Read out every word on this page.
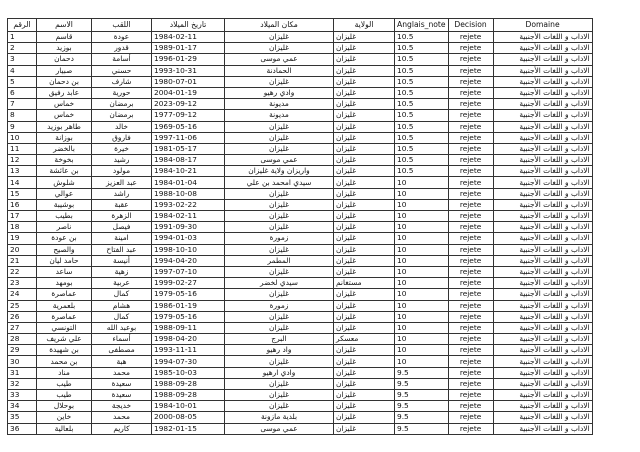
الرقم	الاسم	اللقب	تاريخ الميلاد	مكان الميلاد	الولاية	Anglais_note	Decision	Domaine
1	قاسم	عودة	1984-02-11	غليزان	غليزان	10.5	rejete	الاداب و اللغات الأجنبية
2	بوزيد	قدور	1989-01-17	غليزان	غليزان	10.5	rejete	الاداب و اللغات الأجنبية
3	دحمان	أسامة	1996-01-29	عمي موسى	غليزان	10.5	rejete	الاداب و اللغات الأجنبية
4	صبيار	حسني	1993-10-31	الحمادنة	غليزان	10.5	rejete	الاداب و اللغات الأجنبية
5	بن دحمان	شارف	1980-07-01	غليزان	غليزان	10.5	rejete	الاداب و اللغات الأجنبية
6	عابد رفيق	حورية	2004-01-19	وادي رهيو	غليزان	10.5	rejete	الاداب و اللغات الأجنبية
7	خماس	برمضان	2023-09-12	مديونة	غليزان	10.5	rejete	الاداب و اللغات الأجنبية
8	خماس	برمضان	1977-09-12	مديونة	غليزان	10.5	rejete	الاداب و اللغات الأجنبية
9	طاهر بوزيد	خالد	1969-05-16	غليزان	غليزان	10.5	rejete	الاداب و اللغات الأجنبية
10	بوزانة	فاروق	1997-11-06	غليزان	غليزان	10.5	rejete	الاداب و اللغات الأجنبية
11	بالخضر	خيرة	1981-05-17	غليزان	غليزان	10.5	rejete	الاداب و اللغات الأجنبية
12	بخوخة	رشيد	1984-08-17	عمي موسى	غليزان	10.5	rejete	الاداب و اللغات الأجنبية
13	بن عائشة	مولود	1984-10-21	واريزان ولاية غليزان	غليزان	10.5	rejete	الاداب و اللغات الأجنبية
14	شلوش	عبد العزيز	1984-01-04	سيدي امحمد بن علي	غليزان	10	rejete	الاداب و اللغات الأجنبية
15	عوالي	راشد	1988-10-08	غليزان	غليزان	10	rejete	الاداب و اللغات الأجنبية
16	بوشيبة	عقبة	1993-02-22	غليزان	غليزان	10	rejete	الاداب و اللغات الأجنبية
17	بطيب	الزهرة	1984-02-11	غليزان	غليزان	10	rejete	الاداب و اللغات الأجنبية
18	ناصر	فيصل	1991-09-30	غليزان	غليزان	10	rejete	الاداب و اللغات الأجنبية
19	بن عودة	امينة	1994-01-03	زمورة	غليزان	10	rejete	الاداب و اللغات الأجنبية
20	والصيح	عبد الفتاح	1998-10-10	غليزان	غليزان	10	rejete	الاداب و اللغات الأجنبية
21	حامد ليان	أنيسة	1994-04-20	المطمر	غليزان	10	rejete	الاداب و اللغات الأجنبية
22	ساعد	زهية	1997-07-10	غليزان	غليزان	10	rejete	الاداب و اللغات الأجنبية
23	بومهد	عربية	1999-02-27	سيدي لخضر	مستغانم	10	rejete	الاداب و اللغات الأجنبية
24	عماصرة	كمال	1979-05-16	غليزان	غليزان	10	rejete	الاداب و اللغات الأجنبية
25	بلعمرية	هشام	1986-01-19	زمورة	غليزان	10	rejete	الاداب و اللغات الأجنبية
26	عماصرة	كمال	1979-05-16	غليزان	غليزان	10	rejete	الاداب و اللغات الأجنبية
27	التونسي	بوعبد الله	1988-09-11	غليزان	غليزان	10	rejete	الاداب و اللغات الأجنبية
28	علي شريف	أسماء	1998-04-20	البرج	معسكر	10	rejete	الاداب و اللغات الأجنبية
29	بن شهيدة	مصطفى	1993-11-11	واد رهيو	غليزان	10	rejete	الاداب و اللغات الأجنبية
30	بن محمد	هبة	1994-07-30	غليزان	غليزان	10	rejete	الاداب و اللغات الأجنبية
31	مناد	محمد	1985-10-03	وادي ارهيو	غليزان	9.5	rejete	الاداب و اللغات الأجنبية
32	طيب	سعيدة	1988-09-28	غليزان	غليزان	9.5	rejete	الاداب و اللغات الأجنبية
33	طيب	سعيدة	1988-09-28	غليزان	غليزان	9.5	rejete	الاداب و اللغات الأجنبية
34	بوحلال	خديجة	1984-10-01	غليزان	غليزان	9.5	rejete	الاداب و اللغات الأجنبية
35	خاين	محمد	2000-08-05	بلدية مازونة	غليزان	9.5	rejete	الاداب و اللغات الأجنبية
36	بلعالية	كاريم	1982-01-15	عمي موسى	غليزان	9.5	rejete	الاداب و اللغات الأجنبية
